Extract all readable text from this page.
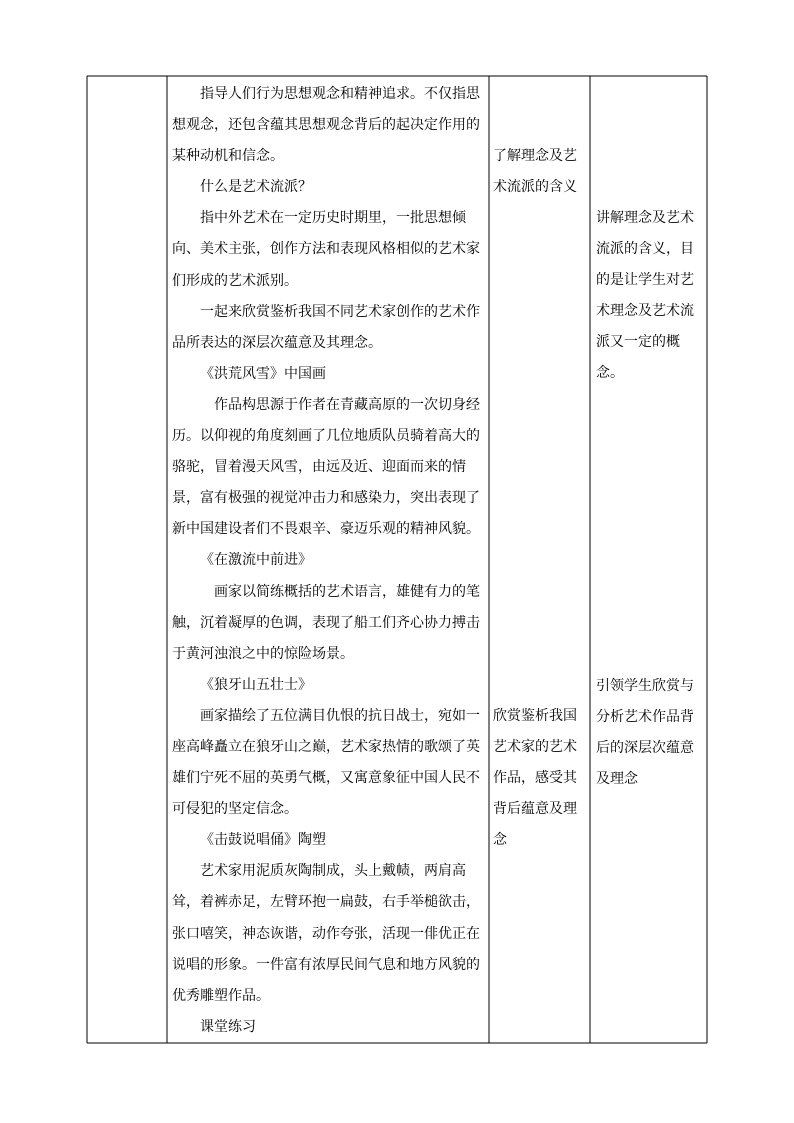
指导人们行为思想观念和精神追求。不仅指思想观念，还包含蕴其思想观念背后的起决定作用的某种动机和信念。

什么是艺术流派？

指中外艺术在一定历史时期里，一批思想倾向、美术主张，创作方法和表现风格相似的艺术家们形成的艺术派别。

一起来欣赏鉴析我国不同艺术家创作的艺术作品所表达的深层次蕴意及其理念。

《洪荒风雪》中国画

作品构思源于作者在青藏高原的一次切身经历。以仰视的角度刻画了几位地质队员骑着高大的骆驼，冒着漫天风雪，由远及近、迎面而来的情景，富有极强的视觉冲击力和感染力，突出表现了新中国建设者们不畏艰辛、豪迈乐观的精神风貌。

《在激流中前进》

画家以简练概括的艺术语言，雄健有力的笔触，沉着凝厚的色调，表现了船工们齐心协力搏击于黄河浊浪之中的惊险场景。

《狼牙山五壮士》

画家描绘了五位满目仇恨的抗日战士，宛如一座高峰矗立在狼牙山之巅，艺术家热情的歌颂了英雄们宁死不屈的英勇气概，又寓意象征中国人民不可侵犯的坚定信念。

《击鼓说唱俑》陶塑

艺术家用泥质灰陶制成，头上戴帻，两肩高耸，着裤赤足，左臂环抱一扁鼓，右手举槌欲击，张口嘻笑，神态诙谐，动作夸张，活现一俳优正在说唱的形象。一件富有浓厚民间气息和地方风貌的优秀雕塑作品。

课堂练习

了解理念及艺术流派的含义

欣赏鉴析我国艺术家的艺术作品，感受其背后蕴意及理念

讲解理念及艺术流派的含义，目的是让学生对艺术理念及艺术流派又一定的概念。

引领学生欣赏与分析艺术作品背后的深层次蕴意及理念
